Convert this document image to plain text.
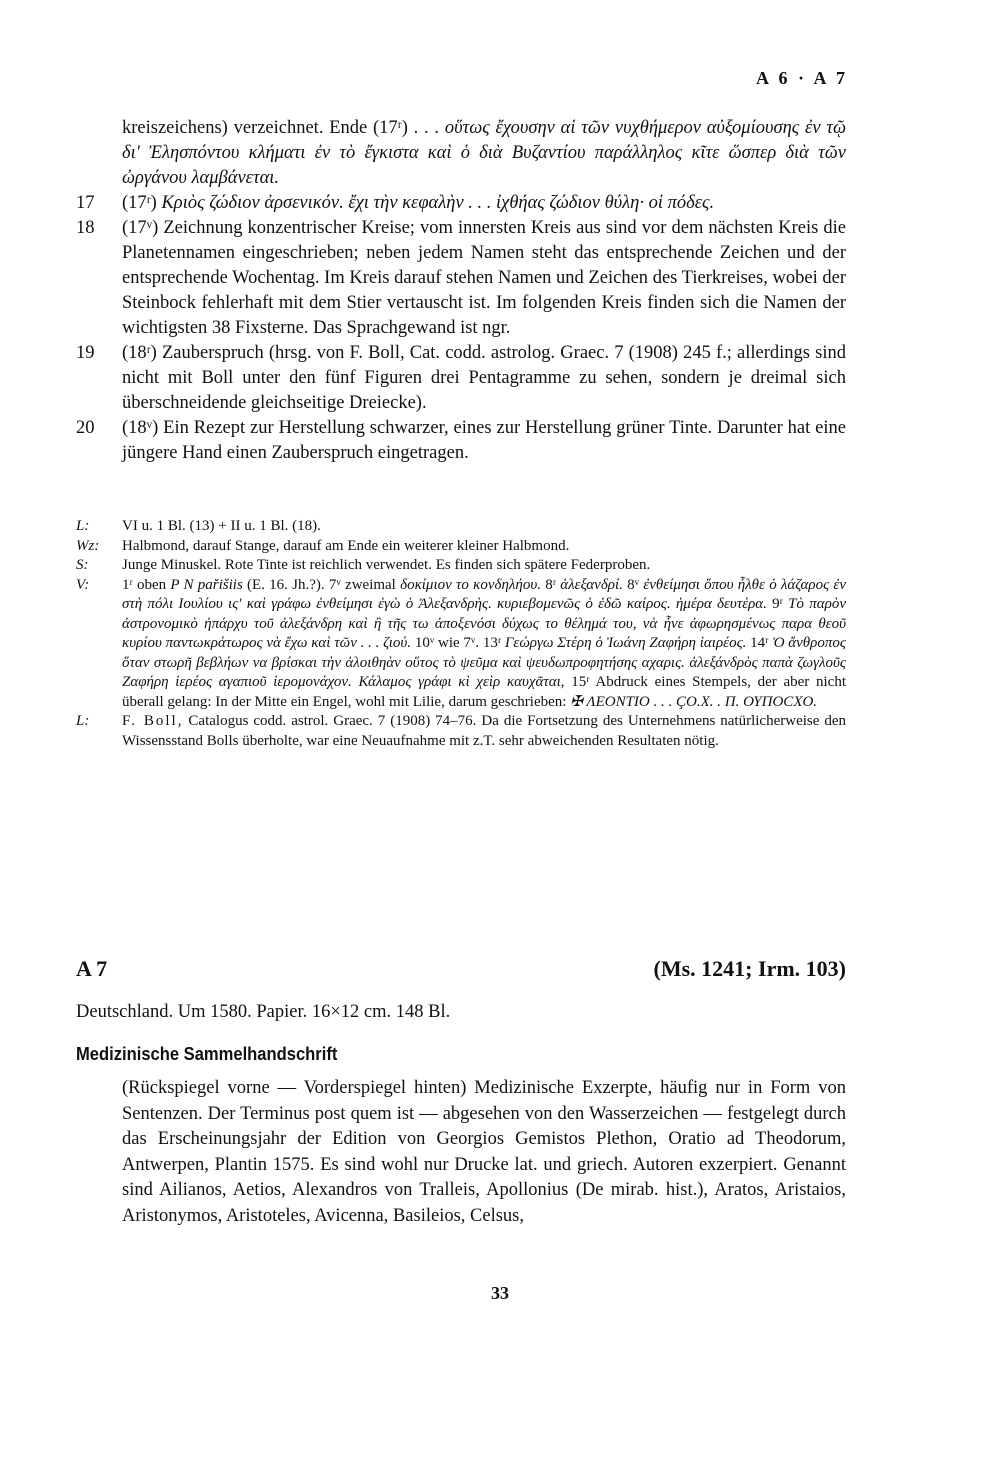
A 6 · A 7
kreiszeichens) verzeichnet. Ende (17ʳ) . . . οὕτως ἔχουσην αἱ τῶν νυχθήμερον αὐξομίουσης ἐν τῷ δι' Ἐλησπόντου κλήματι ἐν τὸ ἔγκιστα καὶ ὁ διὰ Βυζαντίου παράλληλος κῖτε ὥσπερ διὰ τῶν ὠργάνου λαμβάνεται.
17 (17ʳ) Κριὸς ζώδιον ἀρσενικόν. ἔχι τὴν κεφαλὴν . . . ἰχθήας ζώδιον θύλη· οἱ πόδες.
18 (17ᵛ) Zeichnung konzentrischer Kreise; vom innersten Kreis aus sind vor dem nächsten Kreis die Planetennamen eingeschrieben; neben jedem Namen steht das entsprechende Zeichen und der entsprechende Wochentag. Im Kreis darauf stehen Namen und Zeichen des Tierkreises, wobei der Steinbock fehlerhaft mit dem Stier vertauscht ist. Im folgenden Kreis finden sich die Namen der wichtigsten 38 Fixsterne. Das Sprachgewand ist ngr.
19 (18ʳ) Zauberspruch (hrsg. von F. Boll, Cat. codd. astrolog. Graec. 7 (1908) 245 f.; allerdings sind nicht mit Boll unter den fünf Figuren drei Pentagramme zu sehen, sondern je dreimal sich überschneidende gleichseitige Dreiecke).
20 (18ᵛ) Ein Rezept zur Herstellung schwarzer, eines zur Herstellung grüner Tinte. Darunter hat eine jüngere Hand einen Zauberspruch eingetragen.
L: VI u. 1 Bl. (13) + II u. 1 Bl. (18).
Wz: Halbmond, darauf Stange, darauf am Ende ein weiterer kleiner Halbmond.
S: Junge Minuskel. Rote Tinte ist reichlich verwendet. Es finden sich spätere Federproben.
V: 1ʳ oben P N pařišiis (E. 16. Jh.?). 7ᵛ zweimal δοκίμιον το κονδηλήου. 8ʳ ἀλεξανδρί. 8ᵛ ἐνθείμησι ὅπου ἦλθε ὁ λάζαρος ἐν στὴ πόλι Ιουλίου ις' καὶ γράφω ἐνθείμησι ἐγὼ ὁ Ἀλεξανδρὴς. κυριεβομενῶς ὁ ἐδῶ καίρος. ἡμέρα δευτέρα. 9ʳ Τὸ παρὸν ἀστρονομικὸ ἠπάρχυ τοῦ ἀλεξάνδρη καὶ ἢ τῆς τω ἀποξενόσι δύχως το θέλημά του, νὰ ἦνε ἀφωρησμένως παρα θεοῦ κυρίου παντωκράτωρος νὰ ἔχω καὶ τῶν . . . ζιού. 10ᵛ wie 7ᵛ. 13ʳ Γεώργω Στέρη ὁ Ἰωάνη Ζαφήρη ἱαιρέος. 14ʳ Ὁ ἄνθροπος ὅταν στωρῆ βεβλήων να βρίσκαι τὴν ἀλοιθηὰν οὕτος τὸ ψεῦμα καὶ ψευδωπροφητήσης αχαρις. ἀλεξάνδρὸς παπὰ ζωγλοῦς Ζαφήρη ἱερέος αγαπιοῦ ἱερομονάχον. Κάλαμος γράφι κὶ χεὶρ καυχᾶται, 15ʳ Abdruck eines Stempels, der aber nicht überall gelang: In der Mitte ein Engel, wohl mit Lilie, darum geschrieben: ✠ ΛΕΟΝΤΙΟ . . . ÇO.X. . Π. ΟΥΠΟCΧΟ.
L: F. Boll, Catalogus codd. astrol. Graec. 7 (1908) 74–76. Da die Fortsetzung des Unternehmens natürlicherweise den Wissensstand Bolls überholte, war eine Neuaufnahme mit z.T. sehr abweichenden Resultaten nötig.
A 7	(Ms. 1241; Irm. 103)
Deutschland. Um 1580. Papier. 16×12 cm. 148 Bl.
Medizinische Sammelhandschrift
(Rückspiegel vorne — Vorderspiegel hinten) Medizinische Exzerpte, häufig nur in Form von Sentenzen. Der Terminus post quem ist — abgesehen von den Wasserzeichen — festgelegt durch das Erscheinungsjahr der Edition von Georgios Gemistos Plethon, Oratio ad Theodorum, Antwerpen, Plantin 1575. Es sind wohl nur Drucke lat. und griech. Autoren exzerpiert. Genannt sind Ailianos, Aetios, Alexandros von Tralleis, Apollonius (De mirab. hist.), Aratos, Aristaios, Aristonymos, Aristoteles, Avicenna, Basileios, Celsus,
33
